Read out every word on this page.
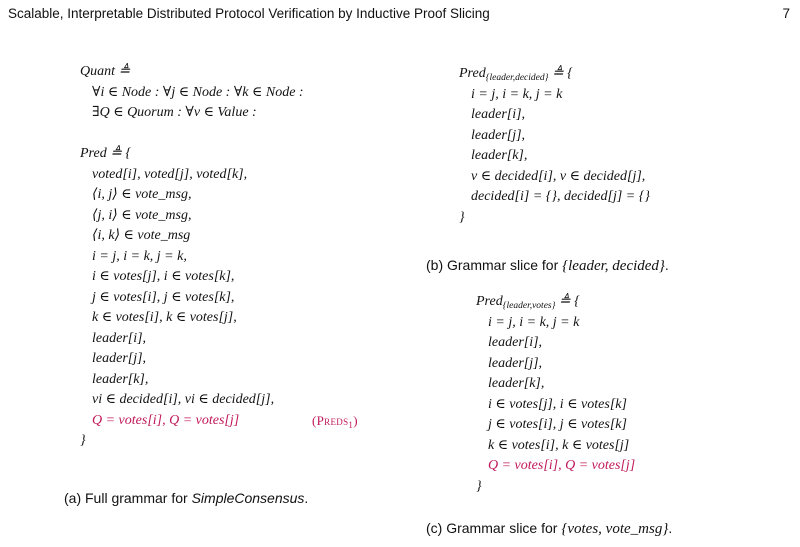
Scalable, Interpretable Distributed Protocol Verification by Inductive Proof Slicing	7
Quant ≜
∀i ∈ Node : ∀j ∈ Node : ∀k ∈ Node :
∃Q ∈ Quorum : ∀v ∈ Value :
Pred ≜ {
voted[i], voted[j], voted[k],
⟨i, j⟩ ∈ vote_msg,
⟨j, i⟩ ∈ vote_msg,
⟨i, k⟩ ∈ vote_msg
i = j, i = k, j = k,
i ∈ votes[j], i ∈ votes[k],
j ∈ votes[i], j ∈ votes[k],
k ∈ votes[i], k ∈ votes[j],
leader[i],
leader[j],
leader[k],
vi ∈ decided[i], vi ∈ decided[j],
Q = votes[i], Q = votes[j]	(Preds$_1$)
}
(a) Full grammar for SimpleConsensus.
Pred$_{\{leader,decided\}}$ ≜ {
i = j, i = k, j = k
leader[i],
leader[j],
leader[k],
v ∈ decided[i], v ∈ decided[j],
decided[i] = {}, decided[j] = {}
}
(b) Grammar slice for {leader, decided}.
Pred$_{\{leader,votes\}}$ ≜ {
i = j, i = k, j = k
leader[i],
leader[j],
leader[k],
i ∈ votes[j], i ∈ votes[k]
j ∈ votes[i], j ∈ votes[k]
k ∈ votes[i], k ∈ votes[j]
Q = votes[i], Q = votes[j]
}
(c) Grammar slice for {votes, vote_msg}.
